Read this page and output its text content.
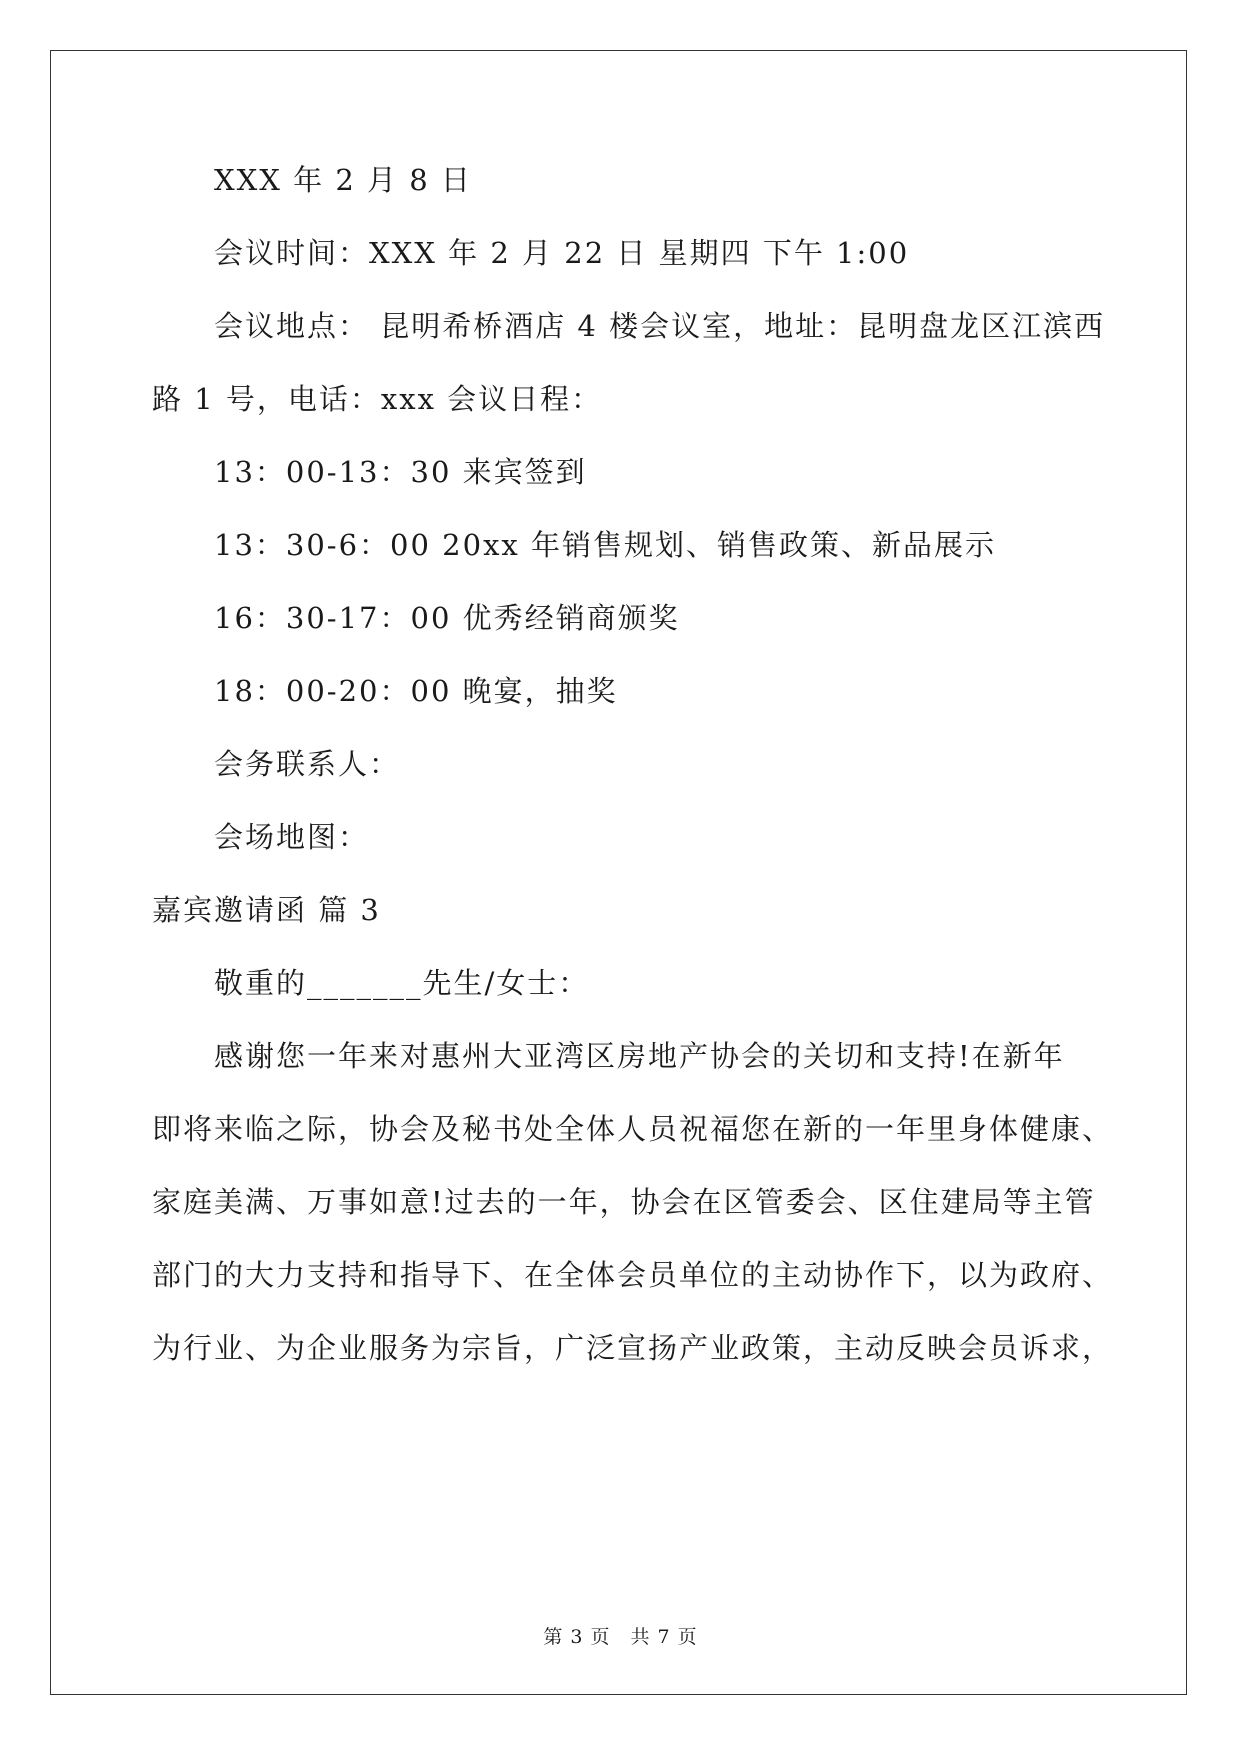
XXX 年 2 月 8 日
会议时间：XXX 年 2 月 22 日 星期四 下午 1:00
会议地点： 昆明希桥酒店 4 楼会议室，地址：昆明盘龙区江滨西
路 1 号，电话：xxx 会议日程：
13：00-13：30 来宾签到
13：30-6：00 20xx 年销售规划、销售政策、新品展示
16：30-17：00 优秀经销商颁奖
18：00-20：00 晚宴，抽奖
会务联系人：
会场地图：
嘉宾邀请函 篇 3
敬重的_______先生/女士：
感谢您一年来对惠州大亚湾区房地产协会的关切和支持!在新年
即将来临之际，协会及秘书处全体人员祝福您在新的一年里身体健康、
家庭美满、万事如意!过去的一年，协会在区管委会、区住建局等主管
部门的大力支持和指导下、在全体会员单位的主动协作下，以为政府、
为行业、为企业服务为宗旨，广泛宣扬产业政策，主动反映会员诉求，
第 3 页　共 7 页
